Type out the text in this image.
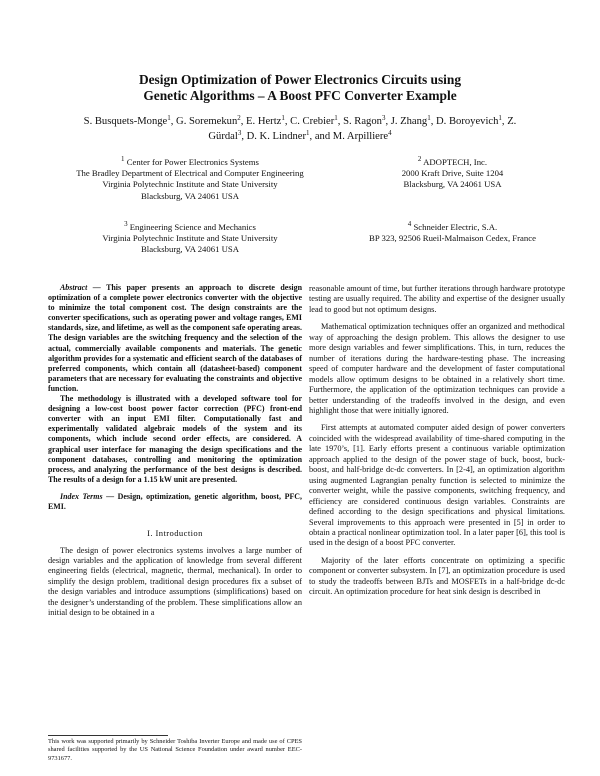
Design Optimization of Power Electronics Circuits using
Genetic Algorithms – A Boost PFC Converter Example
S. Busquets-Monge$^1$, G. Soremekun$^2$, E. Hertz$^1$, C. Crebier$^1$, S. Ragon$^3$, J. Zhang$^1$, D. Boroyevich$^1$, Z.
Gürdal$^3$, D. K. Lindner$^1$, and M. Arpilliere$^4$
$^1$ Center for Power Electronics Systems
The Bradley Department of Electrical and Computer Engineering
Virginia Polytechnic Institute and State University
Blacksburg, VA 24061 USA
$^2$ ADOPTECH, Inc.
2000 Kraft Drive, Suite 1204
Blacksburg, VA 24061 USA
$^3$ Engineering Science and Mechanics
Virginia Polytechnic Institute and State University
Blacksburg, VA 24061 USA
$^4$ Schneider Electric, S.A.
BP 323, 92506 Rueil-Malmaison Cedex, France

Abstract — This paper presents an approach to discrete design optimization of a complete power electronics converter with the objective to minimize the total component cost. The design constraints are the converter specifications, such as operating power and voltage ranges, EMI standards, size, and lifetime, as well as the component safe operating areas. The design variables are the switching frequency and the selection of the actual, commercially available components and materials. The genetic algorithm provides for a systematic and efficient search of the databases of preferred components, which contain all (datasheet-based) component parameters that are necessary for evaluating the constraints and objective function.

The methodology is illustrated with a developed software tool for designing a low-cost boost power factor correction (PFC) front-end converter with an input EMI filter. Computationally fast and experimentally validated algebraic models of the system and its components, which include second order effects, are considered. A graphical user interface for managing the design specifications and the component databases, controlling and monitoring the optimization process, and analyzing the performance of the best designs is described. The results of a design for a 1.15 kW unit are presented.

Index Terms — Design, optimization, genetic algorithm, boost, PFC, EMI.

I. Introduction

The design of power electronics systems involves a large number of design variables and the application of knowledge from several different engineering fields (electrical, magnetic, thermal, mechanical). In order to simplify the design problem, traditional design procedures fix a subset of the design variables and introduce assumptions (simplifications) based on the designer’s understanding of the problem. These simplifications allow an initial design to be obtained in a

This work was supported primarily by Schneider Toshiba Inverter Europe and made use of CPES shared facilities supported by the US National Science Foundation under award number EEC-9731677.

reasonable amount of time, but further iterations through hardware prototype testing are usually required. The ability and expertise of the designer usually lead to good but not optimum designs.

Mathematical optimization techniques offer an organized and methodical way of approaching the design problem. This allows the designer to use more design variables and fewer simplifications. This, in turn, reduces the number of iterations during the hardware-testing phase. The increasing speed of computer hardware and the development of faster computational models allow optimum designs to be obtained in a relatively short time. Furthermore, the application of the optimization techniques can provide a better understanding of the tradeoffs involved in the design, and even highlight those that were initially ignored.

First attempts at automated computer aided design of power converters coincided with the widespread availability of time-shared computing in the late 1970’s, [1]. Early efforts present a continuous variable optimization approach applied to the design of the power stage of buck, boost, buck-boost, and half-bridge dc-dc converters. In [2-4], an optimization algorithm using augmented Lagrangian penalty function is selected to minimize the converter weight, while the passive components, switching frequency, and efficiency are considered continuous design variables. Constraints are defined according to the design specifications and physical limitations. Several improvements to this approach were presented in [5] in order to obtain a practical nonlinear optimization tool. In a later paper [6], this tool is used in the design of a boost PFC converter.

Majority of the later efforts concentrate on optimizing a specific component or converter subsystem. In [7], an optimization procedure is used to study the tradeoffs between BJTs and MOSFETs in a half-bridge dc-dc circuit. An optimization procedure for heat sink design is described in
